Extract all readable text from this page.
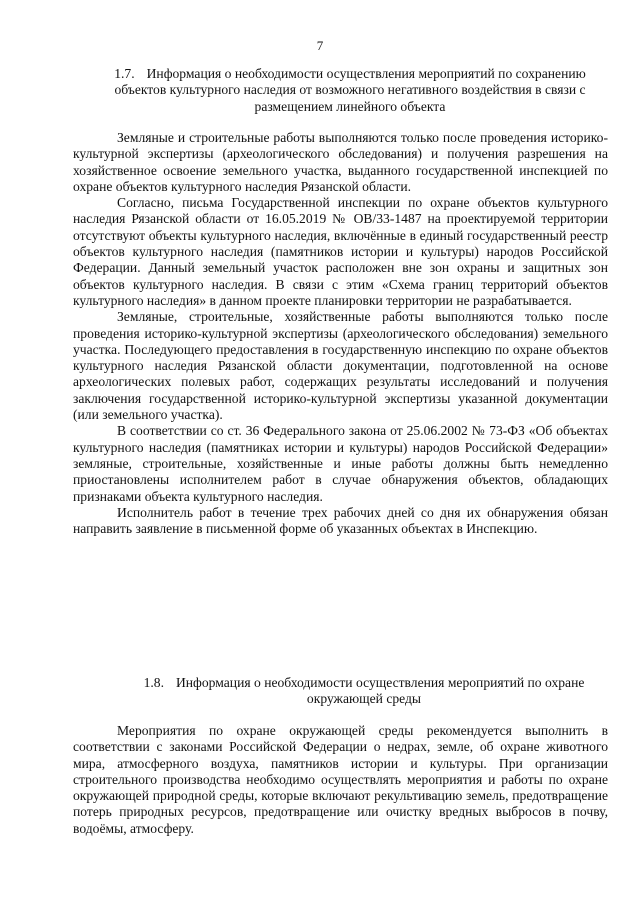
7

1.7. Информация о необходимости осуществления мероприятий по сохранению объектов культурного наследия от возможного негативного воздействия в связи с размещением линейного объекта

Земляные и строительные работы выполняются только после проведения историко-культурной экспертизы (археологического обследования) и получения разрешения на хозяйственное освоение земельного участка, выданного государственной инспекцией по охране объектов культурного наследия Рязанской области.

Согласно, письма Государственной инспекции по охране объектов культурного наследия Рязанской области от 16.05.2019 № ОВ/33-1487 на проектируемой территории отсутствуют объекты культурного наследия, включённые в единый государственный реестр объектов культурного наследия (памятников истории и культуры) народов Российской Федерации. Данный земельный участок расположен вне зон охраны и защитных зон объектов культурного наследия. В связи с этим «Схема границ территорий объектов культурного наследия» в данном проекте планировки территории не разрабатывается.

Земляные, строительные, хозяйственные работы выполняются только после проведения историко-культурной экспертизы (археологического обследования) земельного участка. Последующего предоставления в государственную инспекцию по охране объектов культурного наследия Рязанской области документации, подготовленной на основе археологических полевых работ, содержащих результаты исследований и получения заключения государственной историко-культурной экспертизы указанной документации (или земельного участка).

В соответствии со ст. 36 Федерального закона от 25.06.2002 № 73-ФЗ «Об объектах культурного наследия (памятниках истории и культуры) народов Российской Федерации» земляные, строительные, хозяйственные и иные работы должны быть немедленно приостановлены исполнителем работ в случае обнаружения объектов, обладающих признаками объекта культурного наследия.

Исполнитель работ в течение трех рабочих дней со дня их обнаружения обязан направить заявление в письменной форме об указанных объектах в Инспекцию.

1.8. Информация о необходимости осуществления мероприятий по охране окружающей среды

Мероприятия по охране окружающей среды рекомендуется выполнить в соответствии с законами Российской Федерации о недрах, земле, об охране животного мира, атмосферного воздуха, памятников истории и культуры. При организации строительного производства необходимо осуществлять мероприятия и работы по охране окружающей природной среды, которые включают рекультивацию земель, предотвращение потерь природных ресурсов, предотвращение или очистку вредных выбросов в почву, водоёмы, атмосферу.
